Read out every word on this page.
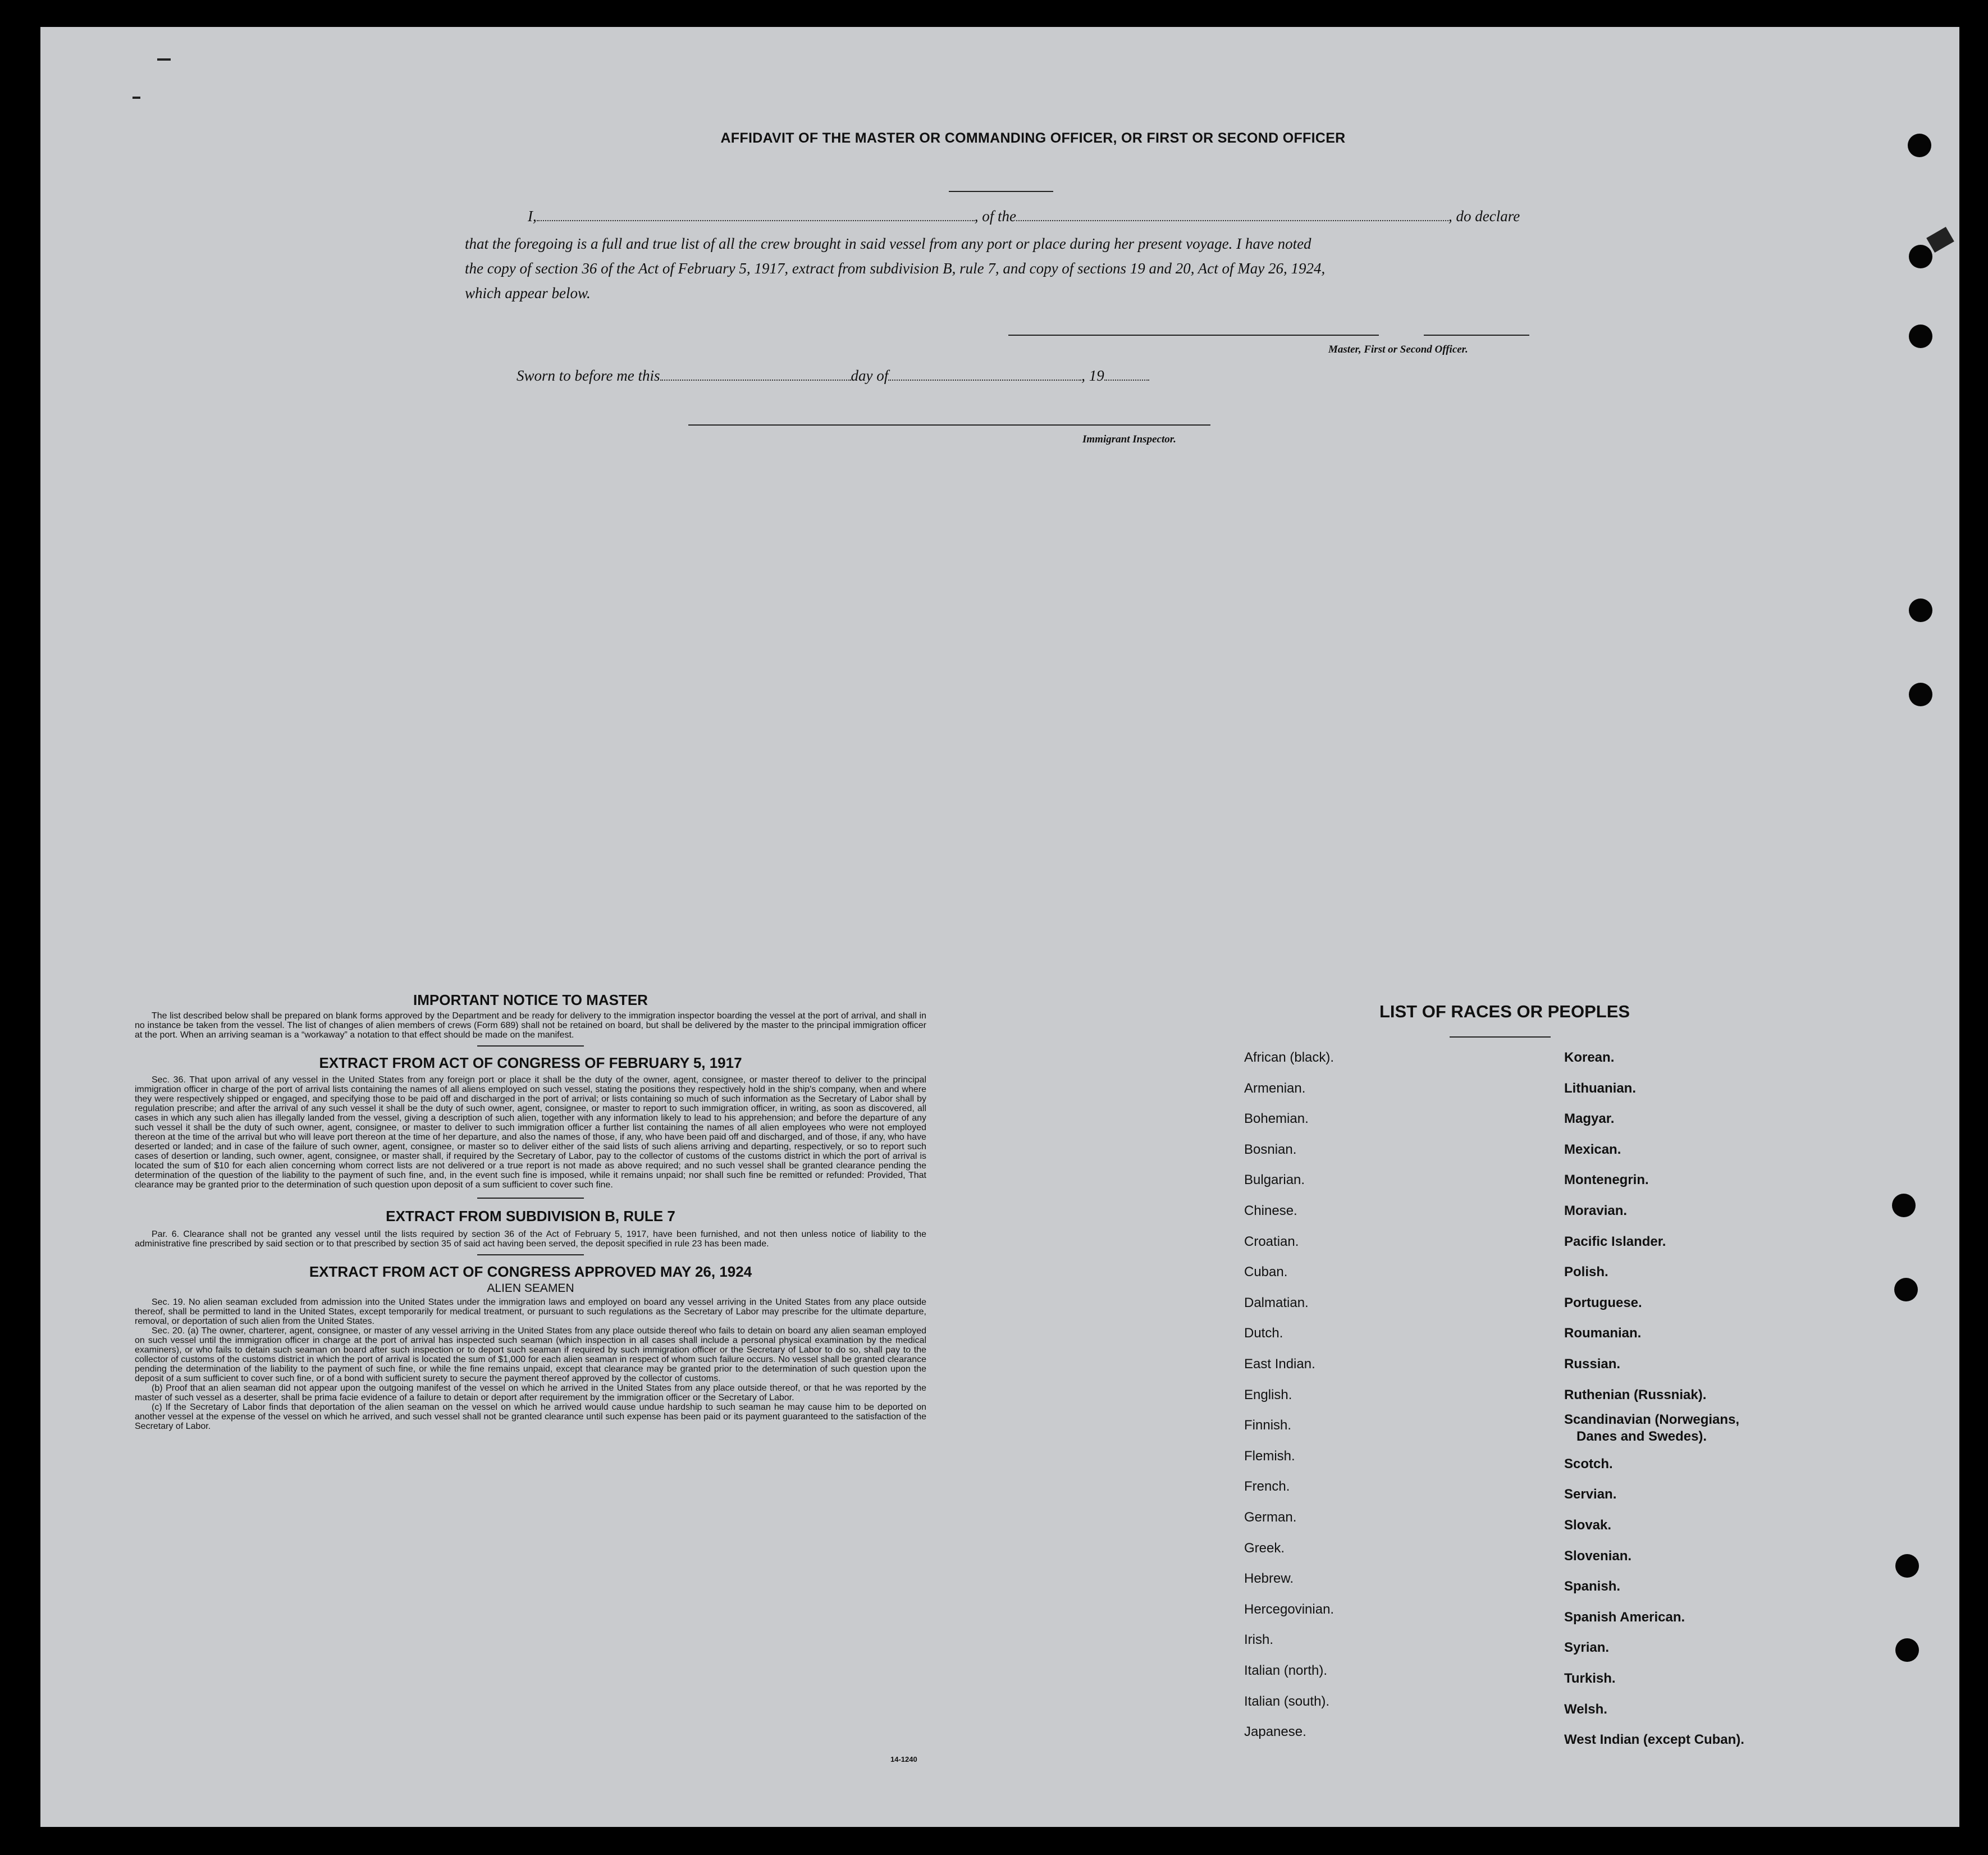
AFFIDAVIT OF THE MASTER OR COMMANDING OFFICER, OR FIRST OR SECOND OFFICER
I,	, of the	, do declare
that the foregoing is a full and true list of all the crew brought in said vessel from any port or place during her present voyage. I have noted
the copy of section 36 of the Act of February 5, 1917, extract from subdivision B, rule 7, and copy of sections 19 and 20, Act of May 26, 1924,
which appear below.
Master, First or Second Officer.
Sworn to before me this	day of	, 19
Immigrant Inspector.
IMPORTANT NOTICE TO MASTER
The list described below shall be prepared on blank forms approved by the Department and be ready for delivery to the immigration inspector boarding the vessel at the port of arrival, and shall in no instance be taken from the vessel. The list of changes of alien members of crews (Form 689) shall not be retained on board, but shall be delivered by the master to the principal immigration officer at the port. When an arriving seaman is a “workaway” a notation to that effect should be made on the manifest.
EXTRACT FROM ACT OF CONGRESS OF FEBRUARY 5, 1917
Sec. 36. That upon arrival of any vessel in the United States from any foreign port or place it shall be the duty of the owner, agent, consignee, or master thereof to deliver to the principal immigration officer in charge of the port of arrival lists containing the names of all aliens employed on such vessel, stating the positions they respectively hold in the ship's company, when and where they were respectively shipped or engaged, and specifying those to be paid off and discharged in the port of arrival; or lists containing so much of such information as the Secretary of Labor shall by regulation prescribe; and after the arrival of any such vessel it shall be the duty of such owner, agent, consignee, or master to report to such immigration officer, in writing, as soon as discovered, all cases in which any such alien has illegally landed from the vessel, giving a description of such alien, together with any information likely to lead to his apprehension; and before the departure of any such vessel it shall be the duty of such owner, agent, consignee, or master to deliver to such immigration officer a further list containing the names of all alien employees who were not employed thereon at the time of the arrival but who will leave port thereon at the time of her departure, and also the names of those, if any, who have been paid off and discharged, and of those, if any, who have deserted or landed; and in case of the failure of such owner, agent, consignee, or master so to deliver either of the said lists of such aliens arriving and departing, respectively, or so to report such cases of desertion or landing, such owner, agent, consignee, or master shall, if required by the Secretary of Labor, pay to the collector of customs of the customs district in which the port of arrival is located the sum of $10 for each alien concerning whom correct lists are not delivered or a true report is not made as above required; and no such vessel shall be granted clearance pending the determination of the question of the liability to the payment of such fine, and, in the event such fine is imposed, while it remains unpaid; nor shall such fine be remitted or refunded: Provided, That clearance may be granted prior to the determination of such question upon deposit of a sum sufficient to cover such fine.
EXTRACT FROM SUBDIVISION B, RULE 7
Par. 6. Clearance shall not be granted any vessel until the lists required by section 36 of the Act of February 5, 1917, have been furnished, and not then unless notice of liability to the administrative fine prescribed by said section or to that prescribed by section 35 of said act having been served, the deposit specified in rule 23 has been made.
EXTRACT FROM ACT OF CONGRESS APPROVED MAY 26, 1924
ALIEN SEAMEN
Sec. 19. No alien seaman excluded from admission into the United States under the immigration laws and employed on board any vessel arriving in the United States from any place outside thereof, shall be permitted to land in the United States, except temporarily for medical treatment, or pursuant to such regulations as the Secretary of Labor may prescribe for the ultimate departure, removal, or deportation of such alien from the United States.
Sec. 20. (a) The owner, charterer, agent, consignee, or master of any vessel arriving in the United States from any place outside thereof who fails to detain on board any alien seaman employed on such vessel until the immigration officer in charge at the port of arrival has inspected such seaman (which inspection in all cases shall include a personal physical examination by the medical examiners), or who fails to detain such seaman on board after such inspection or to deport such seaman if required by such immigration officer or the Secretary of Labor to do so, shall pay to the collector of customs of the customs district in which the port of arrival is located the sum of $1,000 for each alien seaman in respect of whom such failure occurs. No vessel shall be granted clearance pending the determination of the liability to the payment of such fine, or while the fine remains unpaid, except that clearance may be granted prior to the determination of such question upon the deposit of a sum sufficient to cover such fine, or of a bond with sufficient surety to secure the payment thereof approved by the collector of customs.
(b) Proof that an alien seaman did not appear upon the outgoing manifest of the vessel on which he arrived in the United States from any place outside thereof, or that he was reported by the master of such vessel as a deserter, shall be prima facie evidence of a failure to detain or deport after requirement by the immigration officer or the Secretary of Labor.
(c) If the Secretary of Labor finds that deportation of the alien seaman on the vessel on which he arrived would cause undue hardship to such seaman he may cause him to be deported on another vessel at the expense of the vessel on which he arrived, and such vessel shall not be granted clearance until such expense has been paid or its payment guaranteed to the satisfaction of the Secretary of Labor.
14-1240
LIST OF RACES OR PEOPLES
African (black).
Armenian.
Bohemian.
Bosnian.
Bulgarian.
Chinese.
Croatian.
Cuban.
Dalmatian.
Dutch.
East Indian.
English.
Finnish.
Flemish.
French.
German.
Greek.
Hebrew.
Hercegovinian.
Irish.
Italian (north).
Italian (south).
Japanese.
Korean.
Lithuanian.
Magyar.
Mexican.
Montenegrin.
Moravian.
Pacific Islander.
Polish.
Portuguese.
Roumanian.
Russian.
Ruthenian (Russniak).
Scandinavian (Norwegians,
Danes and Swedes).
Scotch.
Servian.
Slovak.
Slovenian.
Spanish.
Spanish American.
Syrian.
Turkish.
Welsh.
West Indian (except Cuban).
